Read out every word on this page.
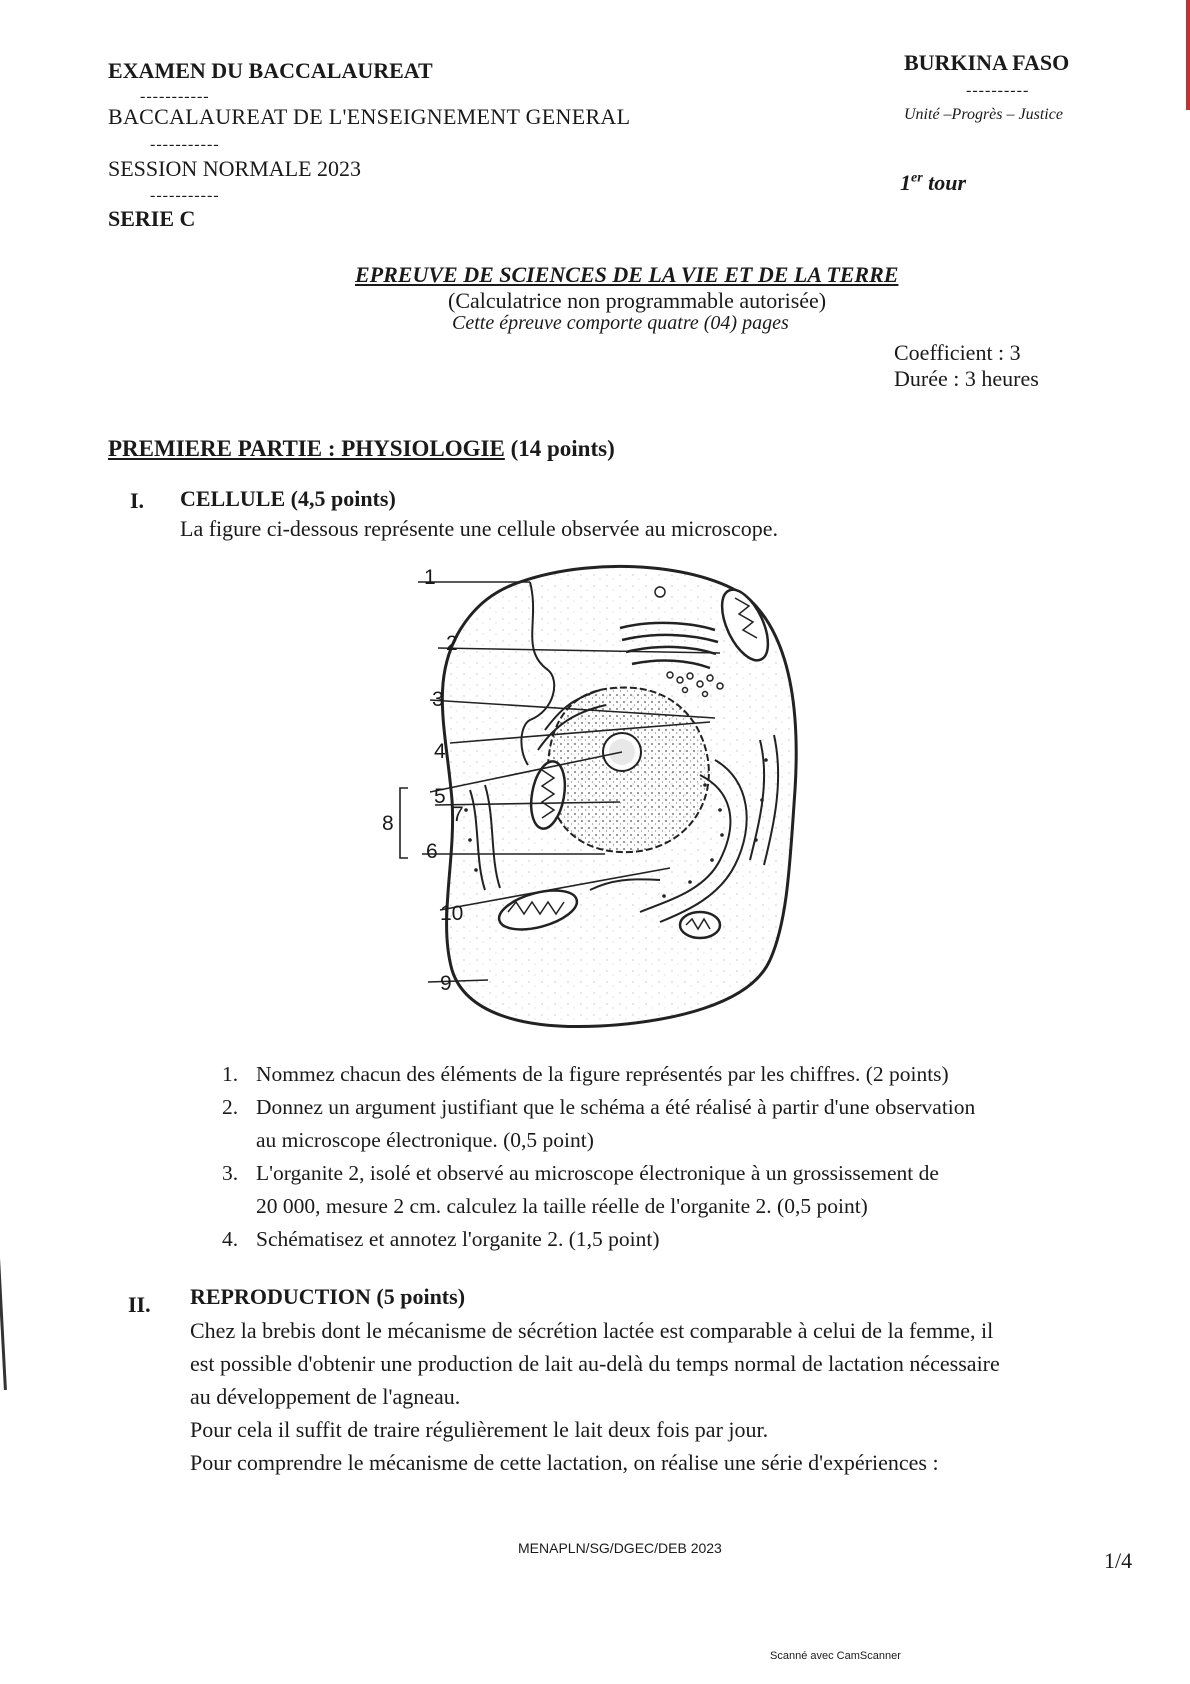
EXAMEN DU BACCALAUREAT
-----------
BACCALAUREAT DE L'ENSEIGNEMENT GENERAL
-----------
SESSION NORMALE 2023
-----------
SERIE C
BURKINA FASO
----------
Unité –Progrès – Justice
1er tour
EPREUVE DE SCIENCES DE LA VIE ET DE LA TERRE
(Calculatrice non programmable autorisée)
Cette épreuve comporte quatre (04) pages
Coefficient : 3
Durée : 3 heures
PREMIERE PARTIE : PHYSIOLOGIE (14 points)
I. CELLULE (4,5 points)
La figure ci-dessous représente une cellule observée au microscope.
1
2
3
4
5
7
6
8
10
9
1. Nommez chacun des éléments de la figure représentés par les chiffres. (2 points)
2. Donnez un argument justifiant que le schéma a été réalisé à partir d'une observation
au microscope électronique. (0,5 point)
3. L'organite 2, isolé et observé au microscope électronique à un grossissement de
20 000, mesure 2 cm. calculez la taille réelle de l'organite 2. (0,5 point)
4. Schématisez et annotez l'organite 2. (1,5 point)
II. REPRODUCTION (5 points)

Chez la brebis dont le mécanisme de sécrétion lactée est comparable à celui de la femme, il

est possible d'obtenir une production de lait au-delà du temps normal de lactation nécessaire

au développement de l'agneau.

Pour cela il suffit de traire régulièrement le lait deux fois par jour.

Pour comprendre le mécanisme de cette lactation, on réalise une série d'expériences :

MENAPLN/SG/DGEC/DEB 2023	1/4
Scanné avec CamScanner
